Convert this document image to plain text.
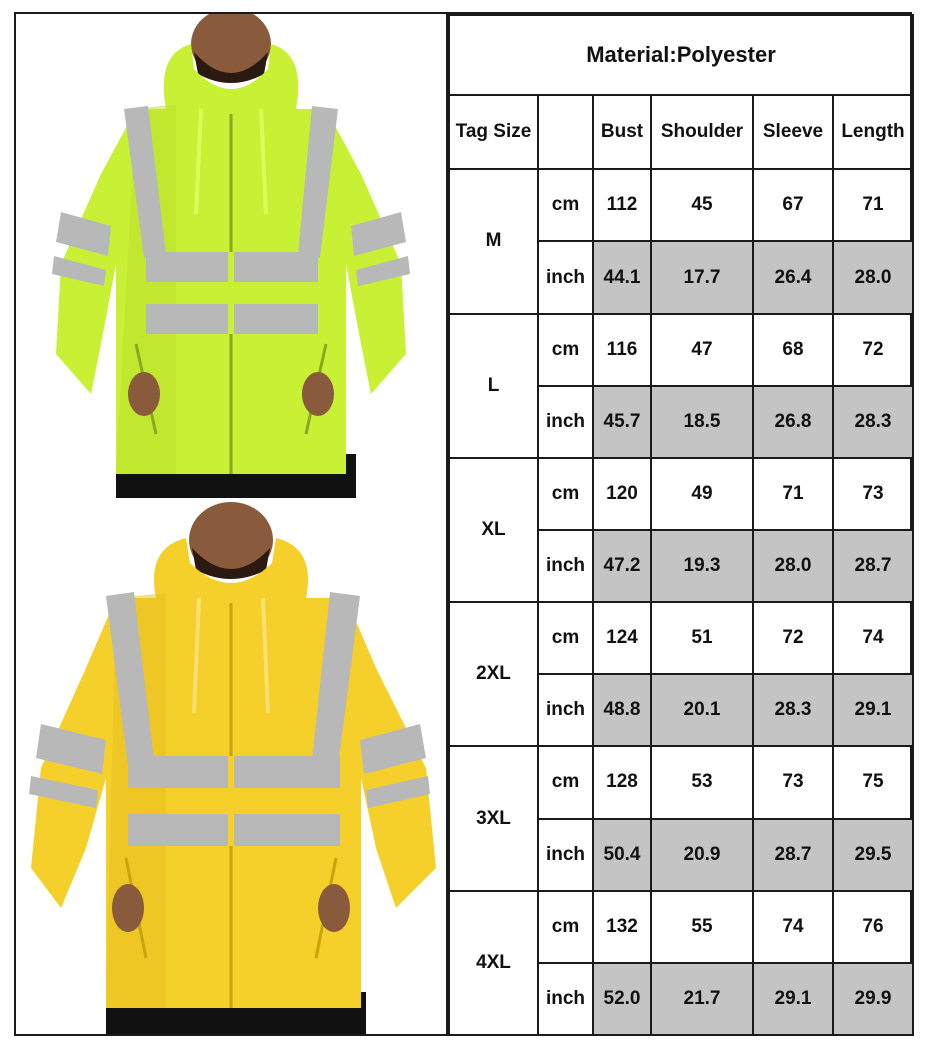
Material:Polyester					
Tag Size		Bust	Shoulder	Sleeve	Length
M	cm	112	45	67	71
	inch	44.1	17.7	26.4	28.0
L	cm	116	47	68	72
	inch	45.7	18.5	26.8	28.3
XL	cm	120	49	71	73
	inch	47.2	19.3	28.0	28.7
2XL	cm	124	51	72	74
	inch	48.8	20.1	28.3	29.1
3XL	cm	128	53	73	75
	inch	50.4	20.9	28.7	29.5
4XL	cm	132	55	74	76
	inch	52.0	21.7	29.1	29.9
